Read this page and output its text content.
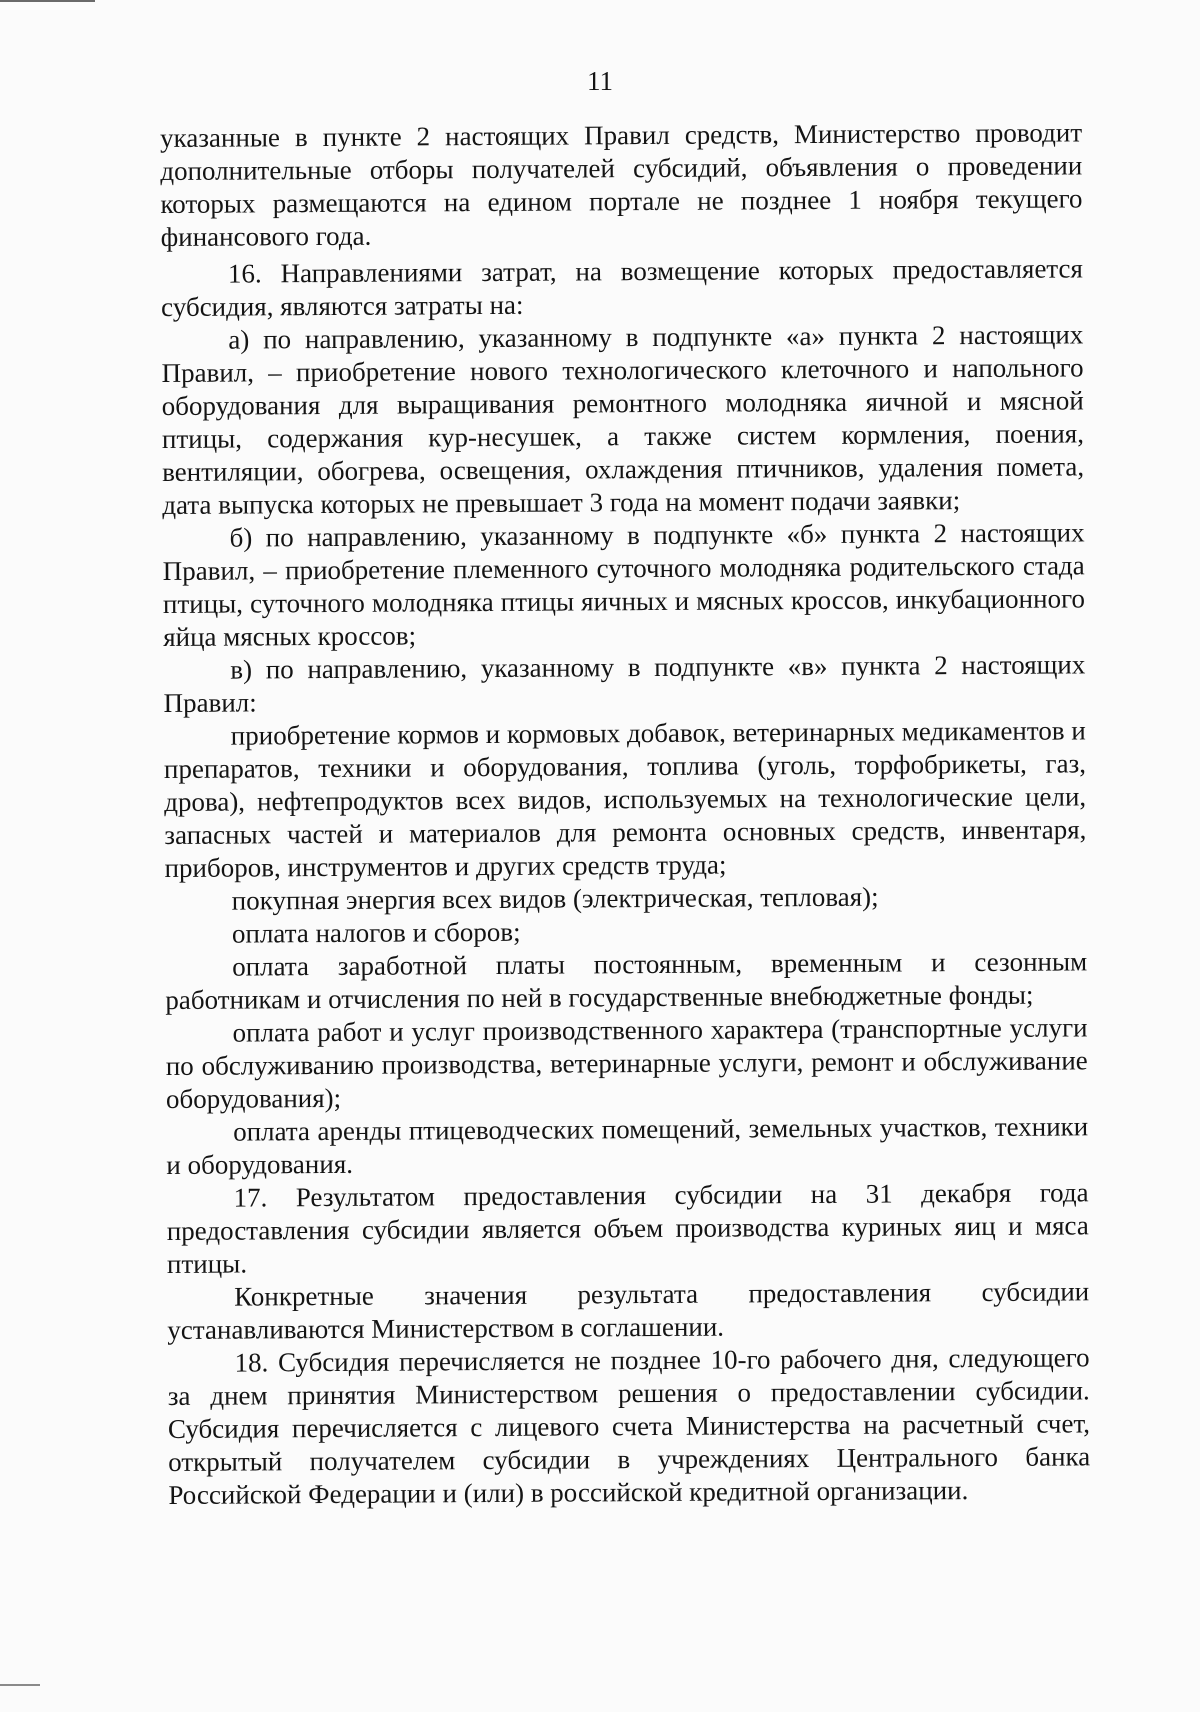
11

указанные в пункте 2 настоящих Правил средств, Министерство проводит дополнительные отборы получателей субсидий, объявления о проведении которых размещаются на едином портале не позднее 1 ноября текущего финансового года.

16. Направлениями затрат, на возмещение которых предоставляется субсидия, являются затраты на:

а) по направлению, указанному в подпункте «а» пункта 2 настоящих Правил, – приобретение нового технологического клеточного и напольного оборудования для выращивания ремонтного молодняка яичной и мясной птицы, содержания кур-несушек, а также систем кормления, поения, вентиляции, обогрева, освещения, охлаждения птичников, удаления помета, дата выпуска которых не превышает 3 года на момент подачи заявки;

б) по направлению, указанному в подпункте «б» пункта 2 настоящих Правил, – приобретение племенного суточного молодняка родительского стада птицы, суточного молодняка птицы яичных и мясных кроссов, инкубационного яйца мясных кроссов;

в) по направлению, указанному в подпункте «в» пункта 2 настоящих Правил:

приобретение кормов и кормовых добавок, ветеринарных медикаментов и препаратов, техники и оборудования, топлива (уголь, торфобрикеты, газ, дрова), нефтепродуктов всех видов, используемых на технологические цели, запасных частей и материалов для ремонта основных средств, инвентаря, приборов, инструментов и других средств труда;

покупная энергия всех видов (электрическая, тепловая);

оплата налогов и сборов;

оплата заработной платы постоянным, временным и сезонным работникам и отчисления по ней в государственные внебюджетные фонды;

оплата работ и услуг производственного характера (транспортные услуги по обслуживанию производства, ветеринарные услуги, ремонт и обслуживание оборудования);

оплата аренды птицеводческих помещений, земельных участков, техники и оборудования.

17. Результатом предоставления субсидии на 31 декабря года предоставления субсидии является объем производства куриных яиц и мяса птицы.

Конкретные значения результата предоставления субсидии устанавливаются Министерством в соглашении.

18. Субсидия перечисляется не позднее 10-го рабочего дня, следующего за днем принятия Министерством решения о предоставлении субсидии. Субсидия перечисляется с лицевого счета Министерства на расчетный счет, открытый получателем субсидии в учреждениях Центрального банка Российской Федерации и (или) в российской кредитной организации.
